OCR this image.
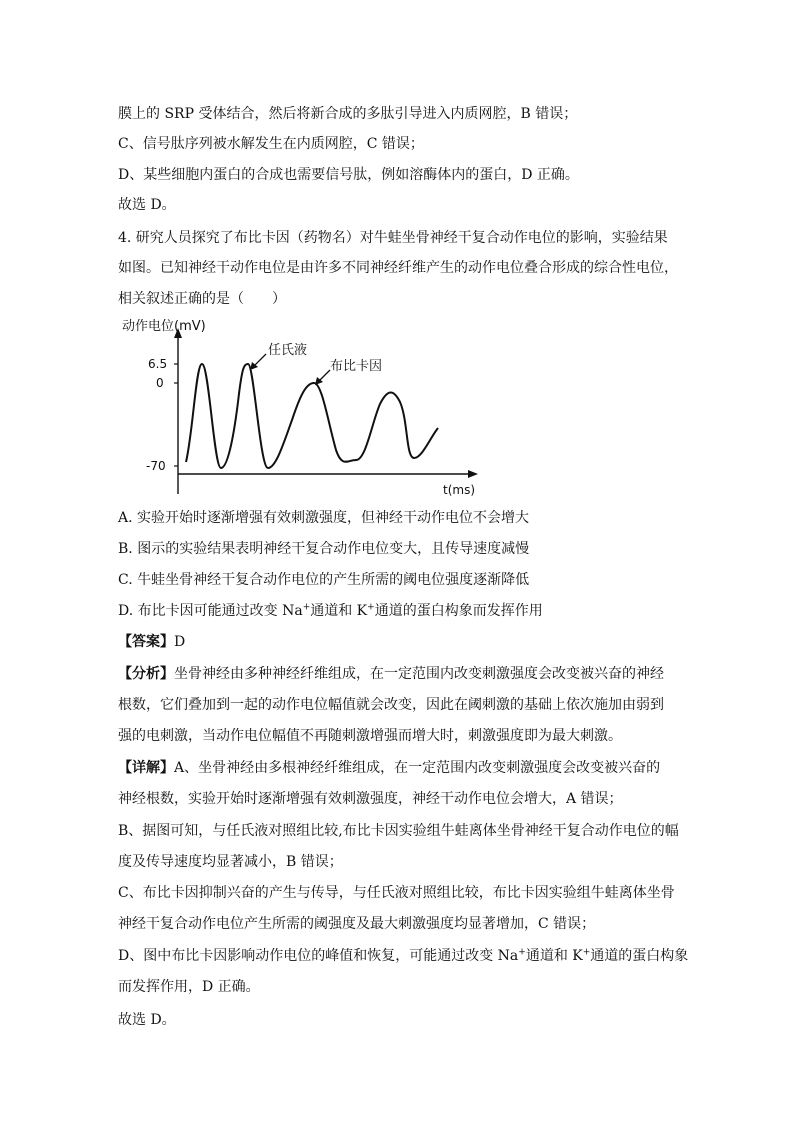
膜上的 SRP 受体结合，然后将新合成的多肽引导进入内质网腔，B 错误；
C、信号肽序列被水解发生在内质网腔，C 错误；
D、某些细胞内蛋白的合成也需要信号肽，例如溶酶体内的蛋白，D 正确。
故选 D。
4. 研究人员探究了布比卡因（药物名）对牛蛙坐骨神经干复合动作电位的影响，实验结果
如图。已知神经干动作电位是由许多不同神经纤维产生的动作电位叠合形成的综合性电位，
相关叙述正确的是（　　）
动作电位(mV)
6.5
0
-70
t(ms)
任氏液
布比卡因
A. 实验开始时逐渐增强有效刺激强度，但神经干动作电位不会增大
B. 图示的实验结果表明神经干复合动作电位变大，且传导速度减慢
C. 牛蛙坐骨神经干复合动作电位的产生所需的阈电位强度逐渐降低
D. 布比卡因可能通过改变 Na+通道和 K+通道的蛋白构象而发挥作用
【答案】D
【分析】坐骨神经由多种神经纤维组成，在一定范围内改变刺激强度会改变被兴奋的神经
根数，它们叠加到一起的动作电位幅值就会改变，因此在阈刺激的基础上依次施加由弱到
强的电刺激，当动作电位幅值不再随刺激增强而增大时，刺激强度即为最大刺激。
【详解】A、坐骨神经由多根神经纤维组成，在一定范围内改变刺激强度会改变被兴奋的
神经根数，实验开始时逐渐增强有效刺激强度，神经干动作电位会增大，A 错误；
B、据图可知，与任氏液对照组比较,布比卡因实验组牛蛙离体坐骨神经干复合动作电位的幅
度及传导速度均显著减小，B 错误；
C、布比卡因抑制兴奋的产生与传导，与任氏液对照组比较，布比卡因实验组牛蛙离体坐骨
神经干复合动作电位产生所需的阈强度及最大刺激强度均显著增加，C 错误；
D、图中布比卡因影响动作电位的峰值和恢复，可能通过改变 Na+通道和 K+通道的蛋白构象
而发挥作用，D 正确。
故选 D。
